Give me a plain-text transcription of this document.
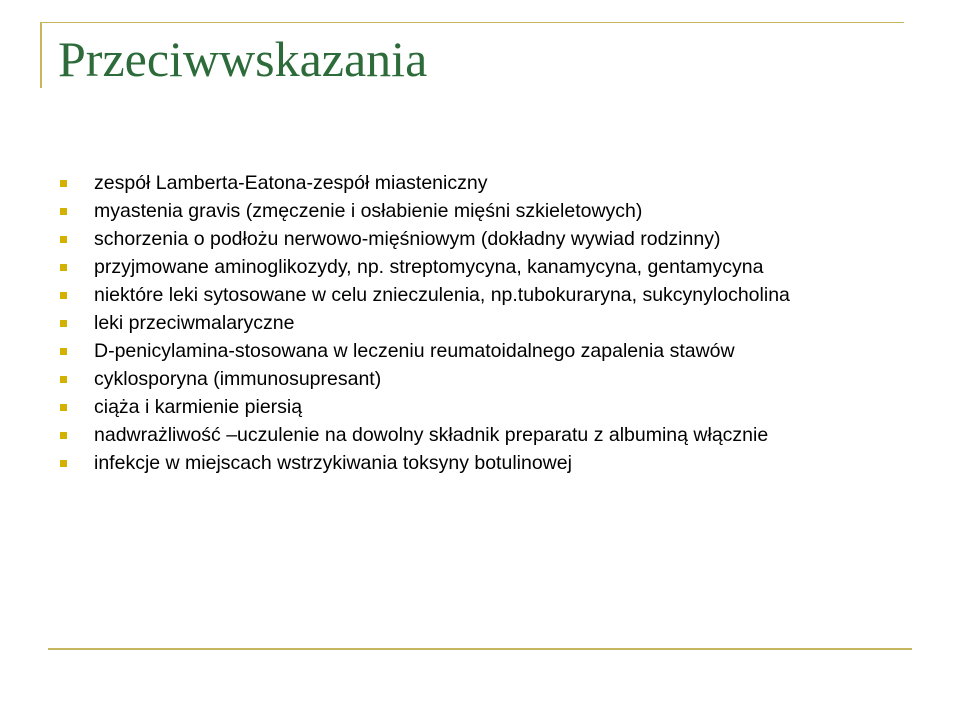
Przeciwwskazania
zespół Lamberta-Eatona-zespół miasteniczny
myastenia gravis (zmęczenie i osłabienie mięśni szkieletowych)
schorzenia o podłożu nerwowo-mięśniowym (dokładny wywiad rodzinny)
przyjmowane aminoglikozydy, np. streptomycyna, kanamycyna, gentamycyna
niektóre leki sytosowane w celu znieczulenia, np.tubokuraryna, sukcynylocholina
leki przeciwmalaryczne
D-penicylamina-stosowana w leczeniu reumatoidalnego zapalenia stawów
cyklosporyna (immunosupresant)
ciąża i karmienie piersią
nadwrażliwość –uczulenie na dowolny składnik preparatu z albuminą włącznie
infekcje w miejscach wstrzykiwania toksyny botulinowej
